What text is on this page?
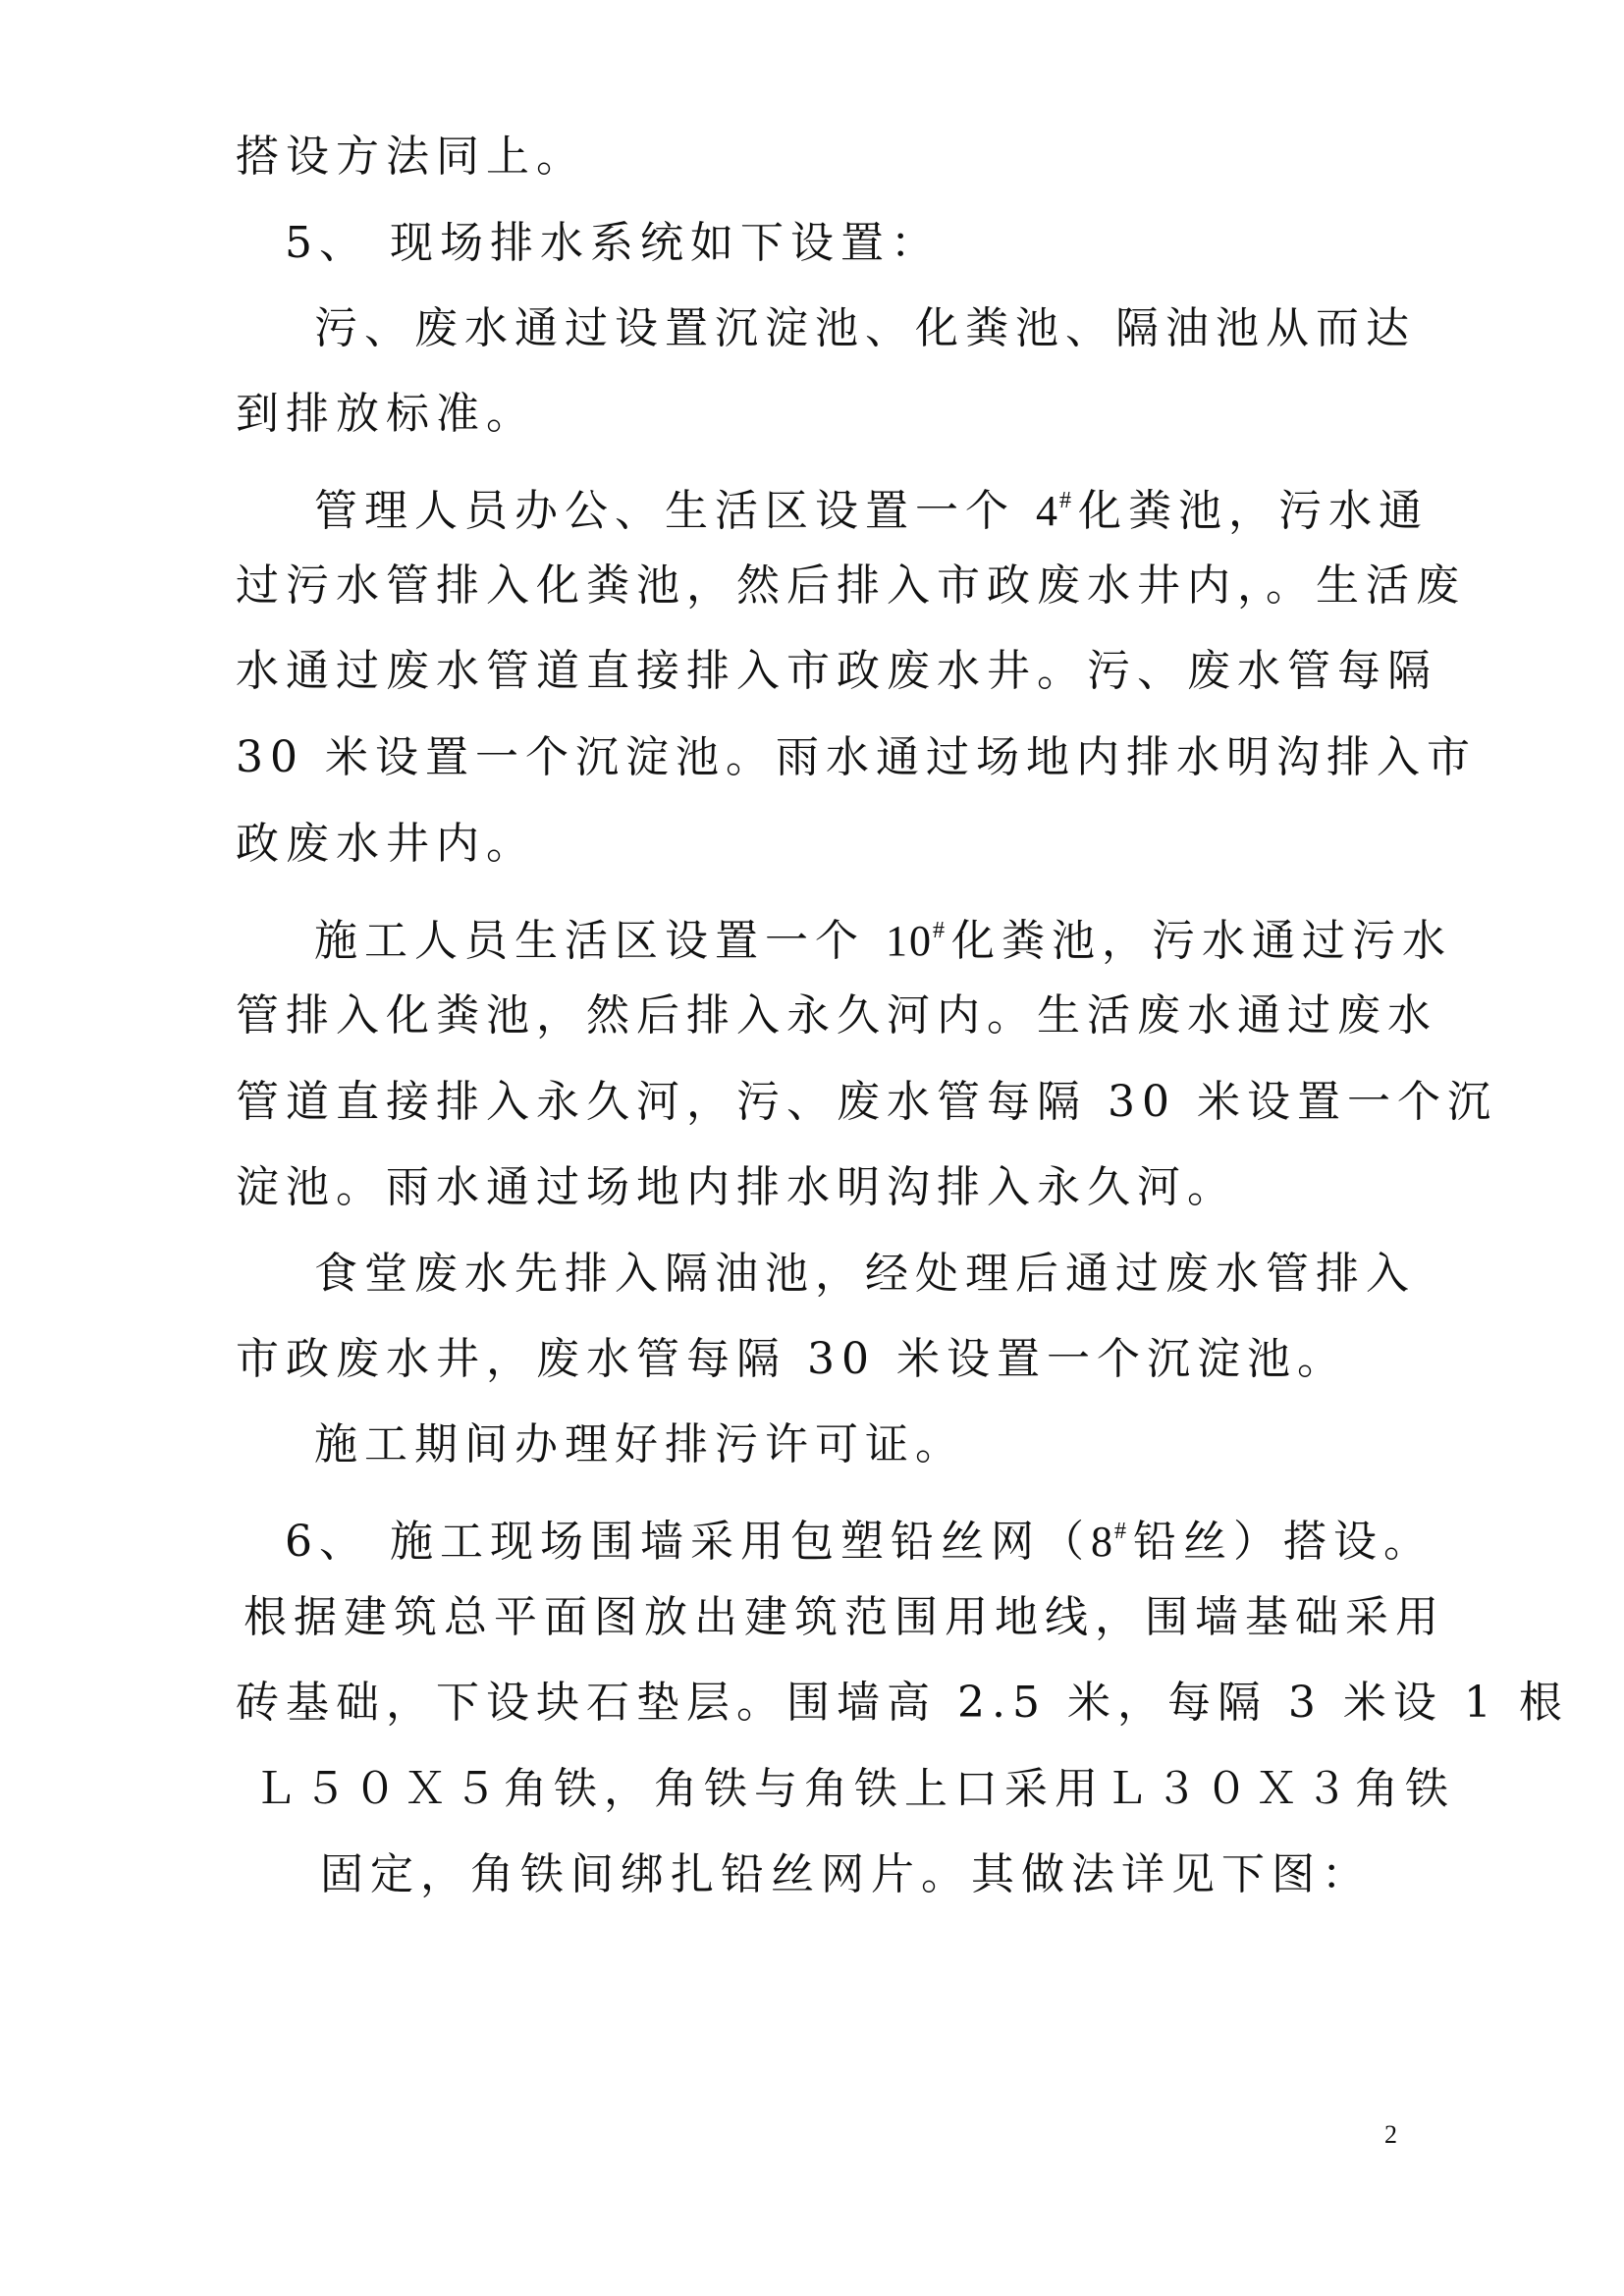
搭设方法同上。
5、 现场排水系统如下设置：
污、废水通过设置沉淀池、化粪池、隔油池从而达
到排放标准。
管理人员办公、生活区设置一个 4#化粪池，污水通
过污水管排入化粪池，然后排入市政废水井内，。生活废
水通过废水管道直接排入市政废水井。污、废水管每隔
30 米设置一个沉淀池。雨水通过场地内排水明沟排入市
政废水井内。
施工人员生活区设置一个 10#化粪池，污水通过污水
管排入化粪池，然后排入永久河内。生活废水通过废水
管道直接排入永久河，污、废水管每隔 30 米设置一个沉
淀池。雨水通过场地内排水明沟排入永久河。
食堂废水先排入隔油池，经处理后通过废水管排入
市政废水井，废水管每隔 30 米设置一个沉淀池。
施工期间办理好排污许可证。
6、 施工现场围墙采用包塑铅丝网（8#铅丝）搭设。
根据建筑总平面图放出建筑范围用地线，围墙基础采用
砖基础，下设块石垫层。围墙高 2.5 米，每隔 3 米设 1 根
Ｌ５０Ｘ５角铁，角铁与角铁上口采用Ｌ３０Ｘ３角铁
固定，角铁间绑扎铅丝网片。其做法详见下图：
2
